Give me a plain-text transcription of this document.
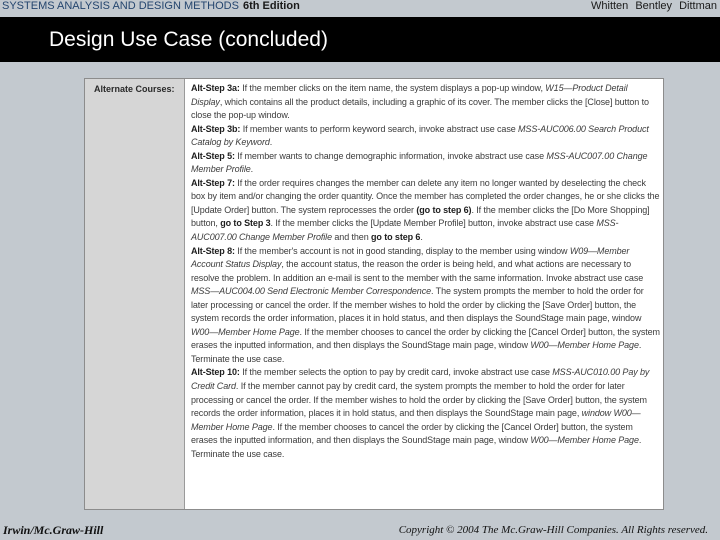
SYSTEMS ANALYSIS AND DESIGN METHODS 6th Edition	Whitten Bentley Dittman
Design Use Case (concluded)
Alternate Courses:	Alt-Step 3a: If the member clicks on the item name, the system displays a pop-up window, W15—Product Detail Display, which contains all the product details, including a graphic of its cover. The member clicks the [Close] button to close the pop-up window.

Alt-Step 3b: If member wants to perform keyword search, invoke abstract use case MSS-AUC006.00 Search Product Catalog by Keyword.

Alt-Step 5: If member wants to change demographic information, invoke abstract use case MSS-AUC007.00 Change Member Profile.

Alt-Step 7: If the order requires changes the member can delete any item no longer wanted by deselecting the check box by item and/or changing the order quantity. Once the member has completed the order changes, he or she clicks the [Update Order] button. The system reprocesses the order (go to step 6). If the member clicks the [Do More Shopping] button, go to Step 3. If the member clicks the [Update Member Profile] button, invoke abstract use case MSS-AUC007.00 Change Member Profile and then go to step 6.

Alt-Step 8: If the member's account is not in good standing, display to the member using window W09—Member Account Status Display, the account status, the reason the order is being held, and what actions are necessary to resolve the problem. In addition an e-mail is sent to the member with the same information. Invoke abstract use case MSS—AUC004.00 Send Electronic Member Correspondence. The system prompts the member to hold the order for later processing or cancel the order. If the member wishes to hold the order by clicking the [Save Order] button, the system records the order information, places it in hold status, and then displays the SoundStage main page, window W00—Member Home Page. If the member chooses to cancel the order by clicking the [Cancel Order] button, the system erases the inputted information, and then displays the SoundStage main page, window W00—Member Home Page. Terminate the use case.

Alt-Step 10: If the member selects the option to pay by credit card, invoke abstract use case MSS-AUC010.00 Pay by Credit Card. If the member cannot pay by credit card, the system prompts the member to hold the order for later processing or cancel the order. If the member wishes to hold the order by clicking the [Save Order] button, the system records the order information, places it in hold status, and then displays the SoundStage main page, window W00—Member Home Page. If the member chooses to cancel the order by clicking the [Cancel Order] button, the system erases the inputted information, and then displays the SoundStage main page, window W00—Member Home Page. Terminate the use case.

Irwin/Mc.Graw-Hill	Copyright © 2004 The Mc.Graw-Hill Companies. All Rights reserved.
